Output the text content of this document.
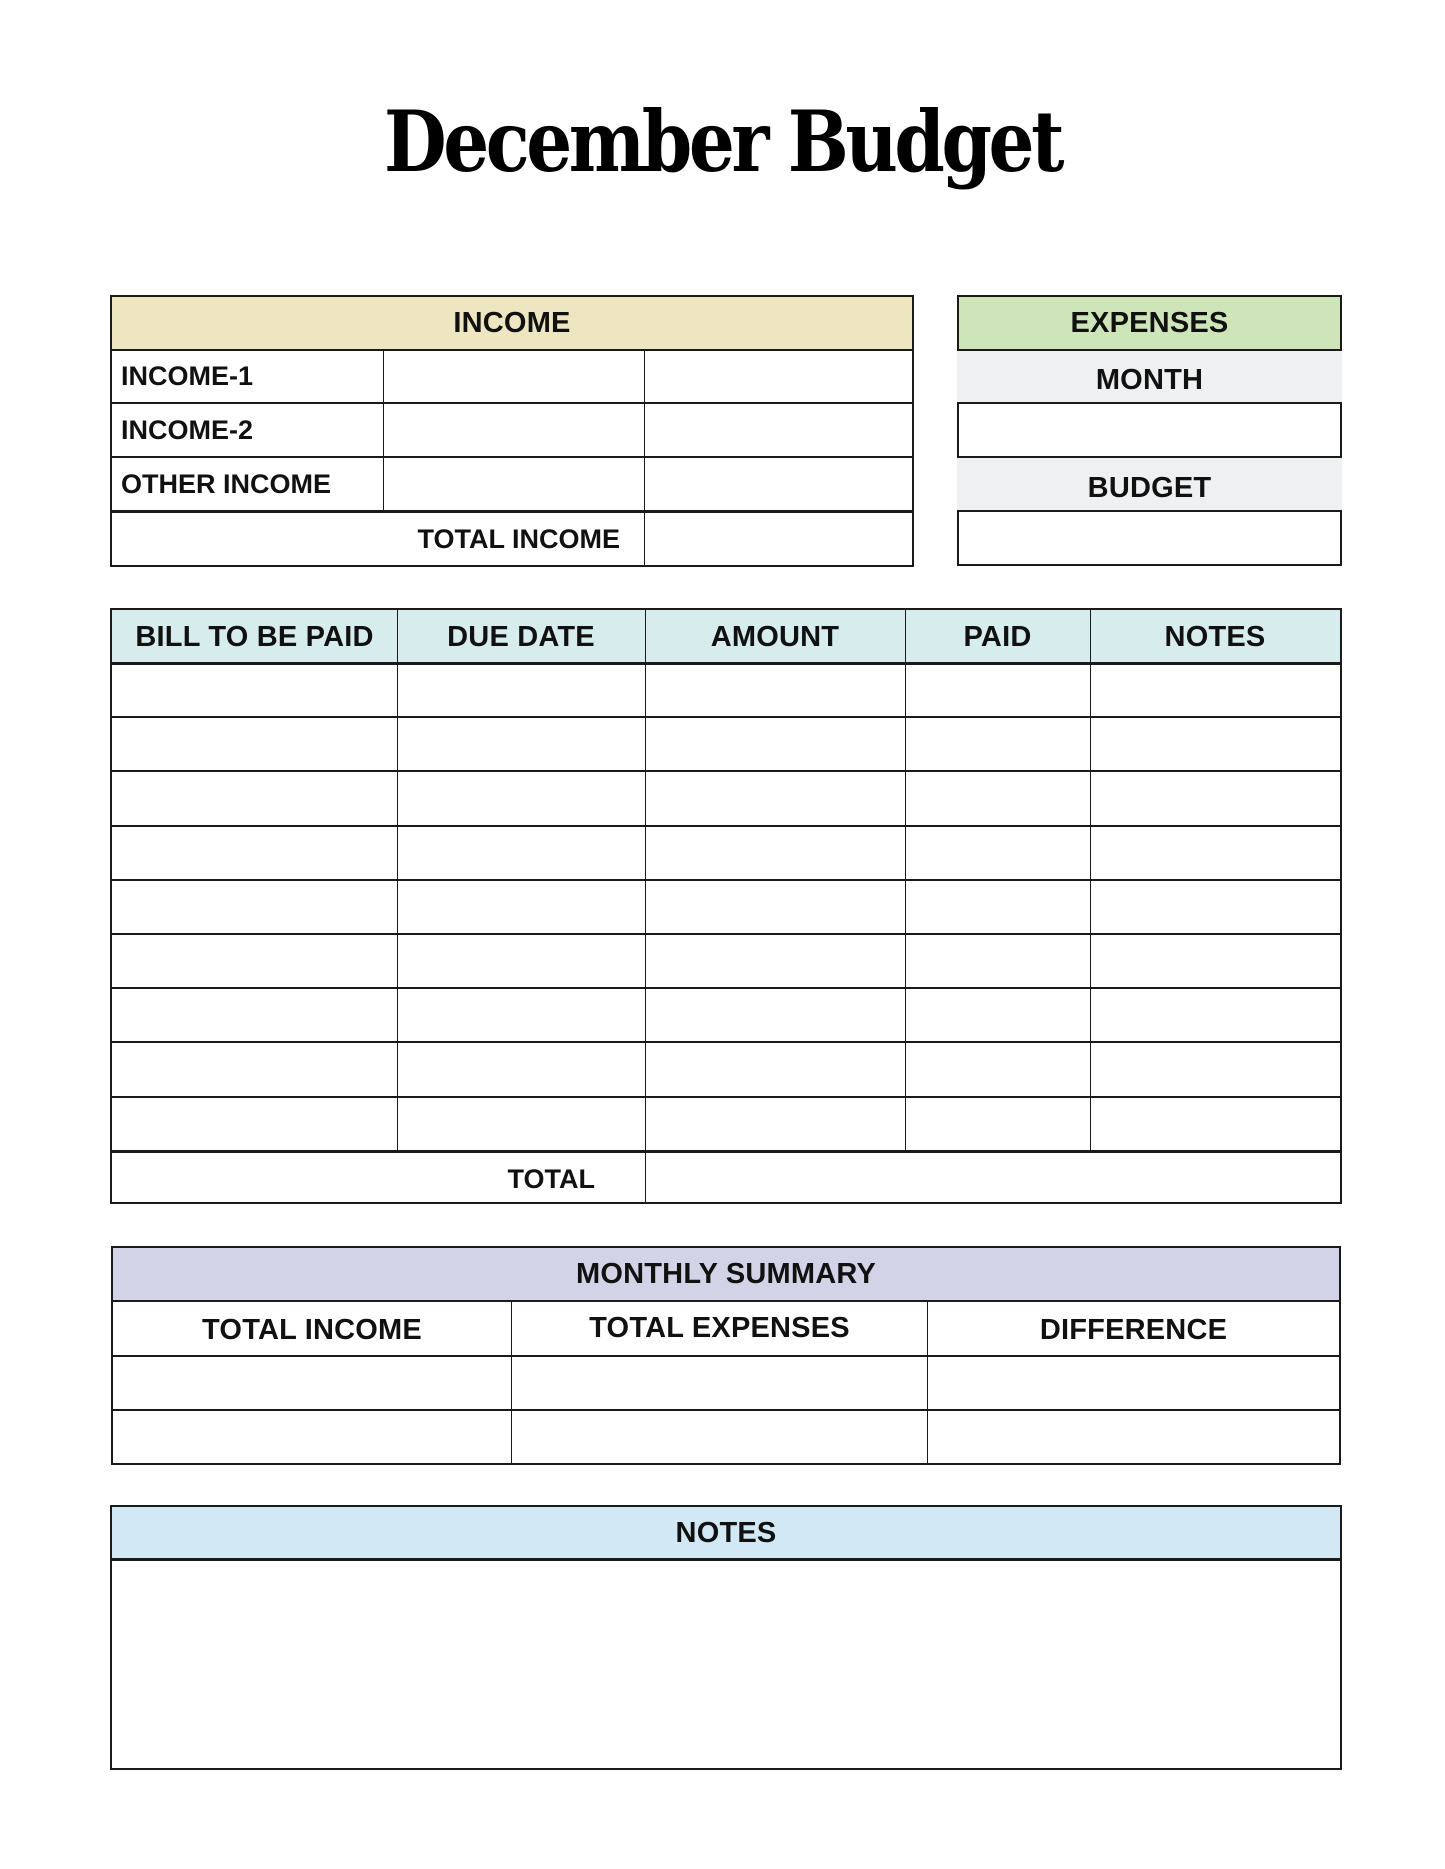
December Budget
INCOME
INCOME-1
INCOME-2
OTHER INCOME
TOTAL INCOME
EXPENSES
MONTH
BUDGET
BILL TO BE PAID	DUE DATE	AMOUNT	PAID	NOTES
TOTAL
MONTHLY SUMMARY
TOTAL INCOME	TOTAL EXPENSES	DIFFERENCE
NOTES
